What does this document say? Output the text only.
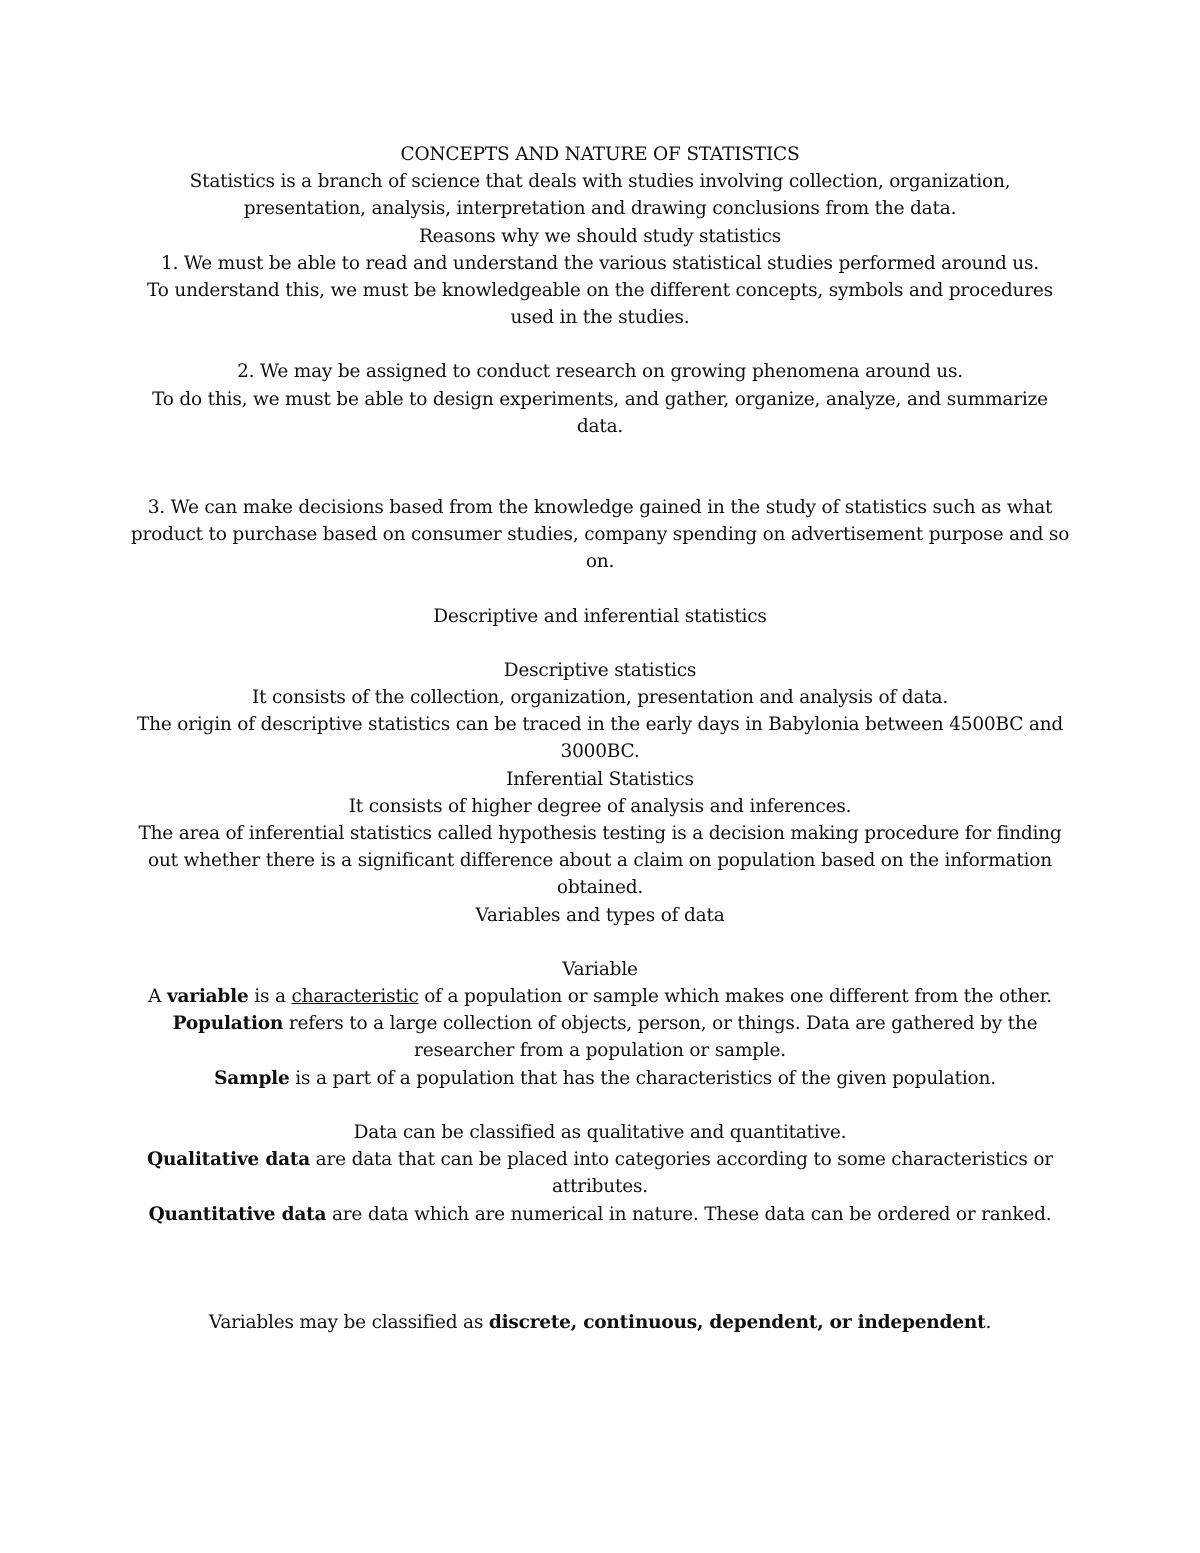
CONCEPTS AND NATURE OF STATISTICS

Statistics is a branch of science that deals with studies involving collection, organization, presentation, analysis, interpretation and drawing conclusions from the data.

Reasons why we should study statistics

1. We must be able to read and understand the various statistical studies performed around us.

To understand this, we must be knowledgeable on the different concepts, symbols and procedures used in the studies.

2. We may be assigned to conduct research on growing phenomena around us.

To do this, we must be able to design experiments, and gather, organize, analyze, and summarize data.

3. We can make decisions based from the knowledge gained in the study of statistics such as what product to purchase based on consumer studies, company spending on advertisement purpose and so on.

Descriptive and inferential statistics

Descriptive statistics

It consists of the collection, organization, presentation and analysis of data.

The origin of descriptive statistics can be traced in the early days in Babylonia between 4500BC and 3000BC.

Inferential Statistics

It consists of higher degree of analysis and inferences.

The area of inferential statistics called hypothesis testing is a decision making procedure for finding out whether there is a significant difference about a claim on population based on the information obtained.

Variables and types of data

Variable

A variable is a characteristic of a population or sample which makes one different from the other.

Population refers to a large collection of objects, person, or things. Data are gathered by the researcher from a population or sample.

Sample is a part of a population that has the characteristics of the given population.

Data can be classified as qualitative and quantitative.

Qualitative data are data that can be placed into categories according to some characteristics or attributes.

Quantitative data are data which are numerical in nature. These data can be ordered or ranked.

Variables may be classified as discrete, continuous, dependent, or independent.
